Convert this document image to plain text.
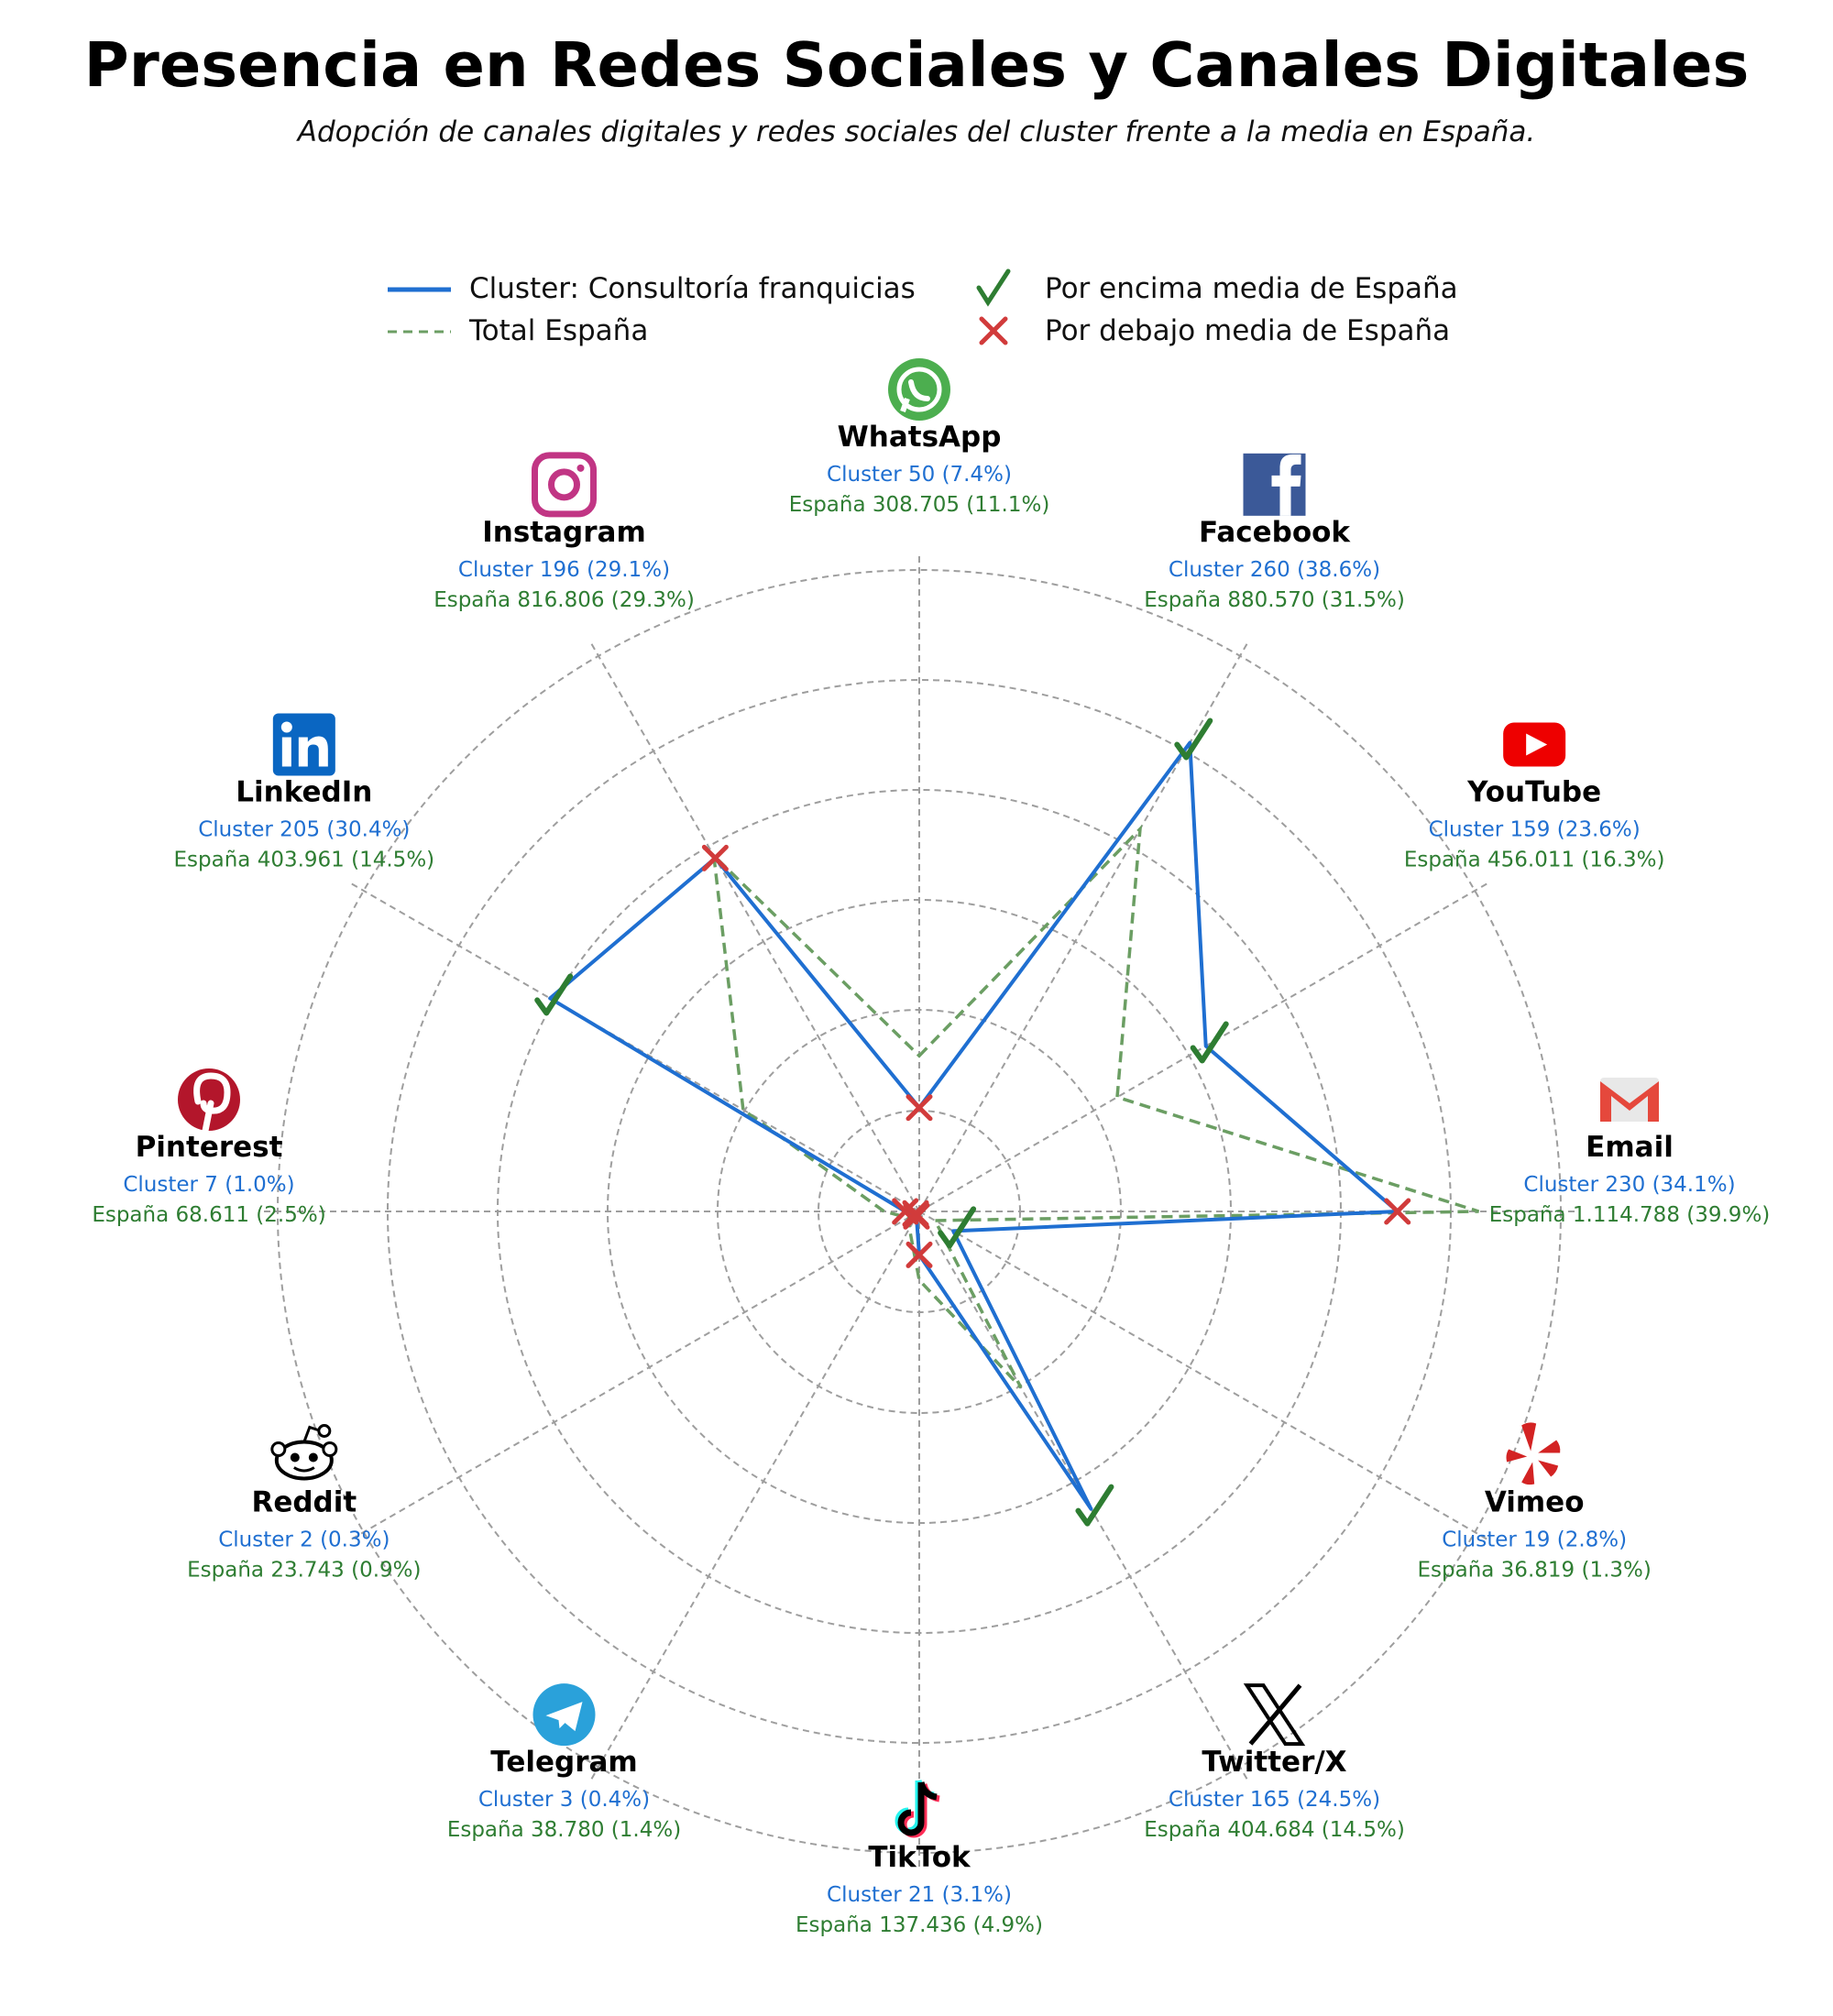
Presencia en Redes Sociales y Canales Digitales
Adopción de canales digitales y redes sociales del cluster frente a la media en España.
Cluster: Consultoría franquicias
Total España
Por encima media de España
Por debajo media de España
WhatsApp
Cluster 50 (7.4%)
España 308.705 (11.1%)
Facebook
Cluster 260 (38.6%)
España 880.570 (31.5%)
YouTube
Cluster 159 (23.6%)
España 456.011 (16.3%)
Email
Cluster 230 (34.1%)
España 1.114.788 (39.9%)
Vimeo
Cluster 19 (2.8%)
España 36.819 (1.3%)
Twitter/X
Cluster 165 (24.5%)
España 404.684 (14.5%)
TikTok
Cluster 21 (3.1%)
España 137.436 (4.9%)
Telegram
Cluster 3 (0.4%)
España 38.780 (1.4%)
Reddit
Cluster 2 (0.3%)
España 23.743 (0.9%)
Pinterest
Cluster 7 (1.0%)
España 68.611 (2.5%)
LinkedIn
Cluster 205 (30.4%)
España 403.961 (14.5%)
Instagram
Cluster 196 (29.1%)
España 816.806 (29.3%)
